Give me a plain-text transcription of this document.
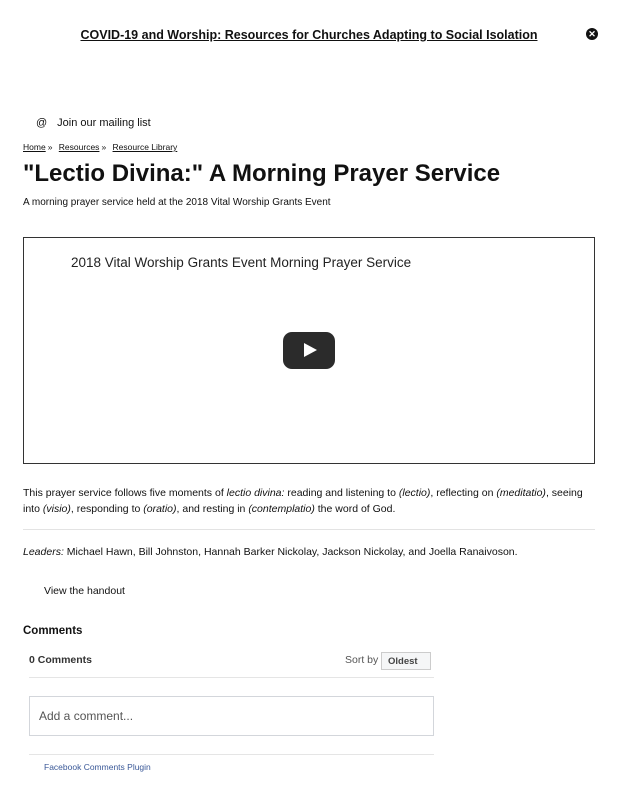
COVID-19 and Worship: Resources for Churches Adapting to Social Isolation	✕
@ Join our mailing list
Home » Resources » Resource Library
"Lectio Divina:" A Morning Prayer Service

A morning prayer service held at the 2018 Vital Worship Grants Event

2018 Vital Worship Grants Event Morning Prayer Service

This prayer service follows five moments of lectio divina: reading and listening to (lectio), reflecting on (meditatio), seeing into (visio), responding to (oratio), and resting in (contemplatio) the word of God.

Leaders: Michael Hawn, Bill Johnston, Hannah Barker Nickolay, Jackson Nickolay, and Joella Ranaivoson.

View the handout
Comments
0 Comments	Sort by	Oldest
Add a comment...
Facebook Comments Plugin
